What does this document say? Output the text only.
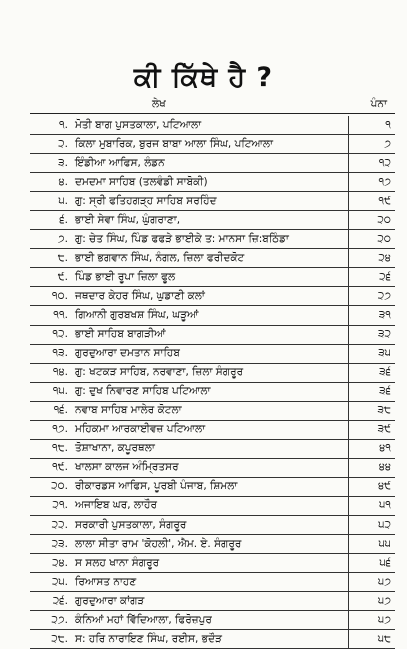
ਕੀ ਕਿੱਥੇ ਹੈ ?
ਲੇਖ	ਪੰਨਾ
੧. ਮੋਤੀ ਬਾਗ ਪੁਸਤਕਾਲਾ, ਪਟਿਆਲਾ	੧
੨. ਕਿਲਾ ਮੁਬਾਰਿਕ, ਬੁਰਜ ਬਾਬਾ ਆਲਾ ਸਿੰਘ, ਪਟਿਆਲਾ	੭
੩. ਇੰਡੀਆ ਆਫਿਸ, ਲੰਡਨ	੧੨
੪. ਦਮਦਮਾ ਸਾਹਿਬ (ਤਲਵੰਡੀ ਸਾਬੋਕੀ)	੧੭
੫. ਗੁ: ਸ੍ਰੀ ਫਤਿਹਗੜ੍ਹ ਸਾਹਿਬ ਸਰਹਿੰਦ	੧੯
੬. ਭਾਈ ਸੇਵਾ ਸਿੰਘ, ਘੁੰਗਰਾਣਾ,	੨੦
੭. ਗੁ: ਚੇਤ ਸਿੰਘ, ਪਿੰਡ ਫਫੜੇ ਭਾਈਕੇ ਤ: ਮਾਨਸਾ ਜ਼ਿ:ਬਠਿੰਡਾ	੨੦
੮. ਭਾਈ ਭਗਵਾਨ ਸਿੰਘ, ਨੰਗਲ, ਜ਼ਿਲਾ ਫਰੀਦਕੋਟ	੨੪
੯. ਪਿੰਡ ਭਾਈ ਰੂਪਾ ਜ਼ਿਲਾ ਫੂਲ	੨੬
੧੦. ਜਥਦਾਰ ਕੇਹਰ ਸਿੰਘ, ਘੁਡਾਣੀ ਕਲਾਂ	੨੭
੧੧. ਗਿਆਨੀ ਗੁਰਬਖਸ਼ ਸਿੰਘ, ਘੜੂਆਂ	੩੧
੧੨. ਭਾਈ ਸਾਹਿਬ ਬਾਗੜੀਆਂ	੩੨
੧੩. ਗੁਰਦੁਆਰਾ ਦਮਤਾਨ ਸਾਹਿਬ	੩੫
੧੪. ਗੁ: ਖਟਕੜ ਸਾਹਿਬ, ਨਰਵਾਣਾ, ਜ਼ਿਲਾ ਸੰਗਰੂਰ	੩੬
੧੫. ਗੁ: ਦੁਖ ਨਿਵਾਰਣ ਸਾਹਿਬ ਪਟਿਆਲਾ	੩੬
੧੬. ਨਵਾਬ ਸਾਹਿਬ ਮਾਲੇਰ ਕੋਟਲਾ	੩੮
੧੭. ਮਹਿਕਮਾ ਆਰਕਾਈਵਜ਼ ਪਟਿਆਲਾ	੩੯
੧੮. ਤੋਸ਼ਾਖਾਨਾ, ਕਪੂਰਥਲਾ	੪੧
੧੯. ਖਾਲਸਾ ਕਾਲਜ ਅੰਮ੍ਰਿਤਸਰ	੪੪
੨੦. ਰੀਕਾਰਡਸ ਆਫਿਸ, ਪੂਰਬੀ ਪੰਜਾਬ, ਸ਼ਿਮਲਾ	੪੯
੨੧. ਅਜਾਇਬ ਘਰ, ਲਾਹੌਰ	੫੧
੨੨. ਸਰਕਾਰੀ ਪੁਸਤਕਾਲਾ, ਸੰਗਰੂਰ	੫੨
੨੩. ਲਾਲਾ ਸੀਤਾ ਰਾਮ 'ਕੋਹਲੀ', ਐਮ. ਏ. ਸੰਗਰੂਰ	੫੫
੨੪. ਸ ਸਲਹ ਖਾਨਾ ਸੰਗਰੂਰ	੫੬
੨੫. ਰਿਆਸਤ ਨਾਹਣ	੫੭
੨੬. ਗੁਰਦੁਆਰਾ ਕਾਂਗੜ	੫੭
੨੭. ਕੰਨਿਆਂ ਮਹਾਂ ਵਿੱਦਿਆਲਾ, ਫਿਰੋਜ਼ਪੁਰ	੫੭
੨੮. ਸ: ਹਰਿ ਨਾਰਾਇਣ ਸਿੰਘ, ਰਈਸ, ਭਦੌੜ	੫੮
